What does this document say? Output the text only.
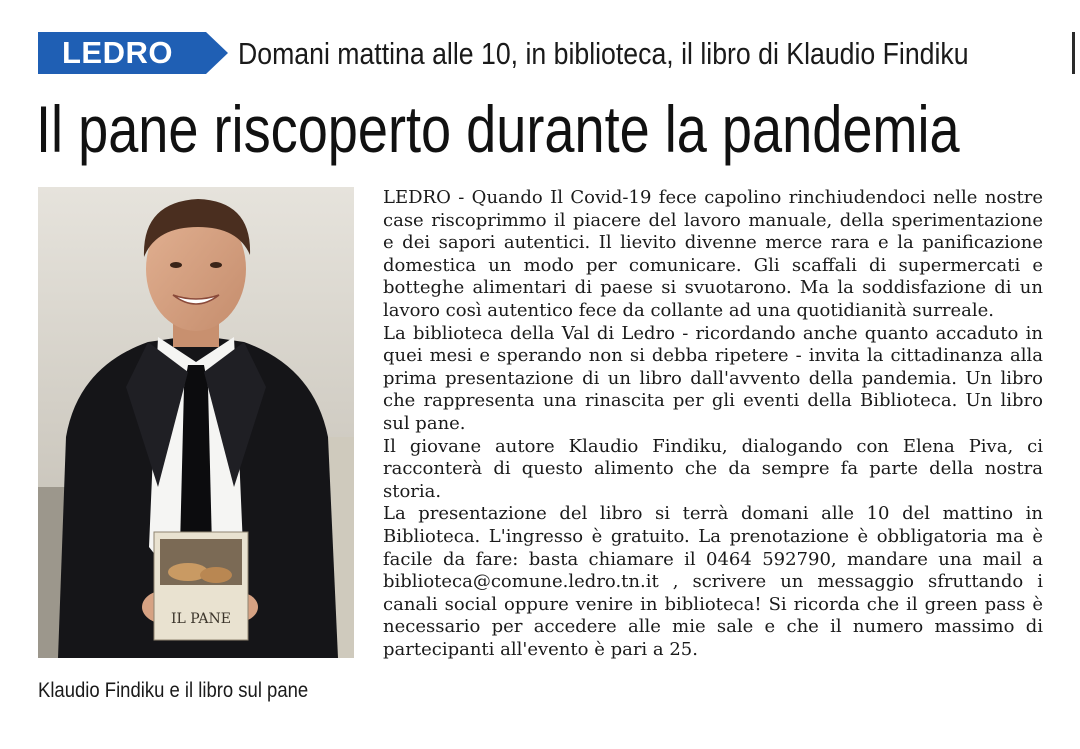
LEDRO Domani mattina alle 10, in biblioteca, il libro di Klaudio Findiku
Il pane riscoperto durante la pandemia
IL PANE
Klaudio Findiku e il libro sul pane

LEDRO - Quando Il Covid-19 fece capolino rinchiudendoci nelle nostre case riscoprimmo il piacere del lavoro manuale, della sperimentazione e dei sapori autentici. Il lievito divenne merce rara e la panificazione domestica un modo per comunicare. Gli scaffali di supermercati e botteghe alimentari di paese si svuotarono. Ma la soddisfazione di un lavoro così autentico fece da collante ad una quotidianità surreale.

La biblioteca della Val di Ledro - ricordando anche quanto accaduto in quei mesi e sperando non si debba ripetere - invita la cittadinanza alla prima presentazione di un libro dall'avvento della pandemia. Un libro che rappresenta una rinascita per gli eventi della Biblioteca. Un libro sul pane.

Il giovane autore Klaudio Findiku, dialogando con Elena Piva, ci racconterà di questo alimento che da sempre fa parte della nostra storia.

La presentazione del libro si terrà domani alle 10 del mattino in Biblioteca. L'ingresso è gratuito. La prenotazione è obbligatoria ma è facile da fare: basta chiamare il 0464 592790, mandare una mail a biblioteca@comune.ledro.tn.it , scrivere un messaggio sfruttando i canali social oppure venire in biblioteca! Si ricorda che il green pass è necessario per accedere alle mie sale e che il numero massimo di partecipanti all'evento è pari a 25.
